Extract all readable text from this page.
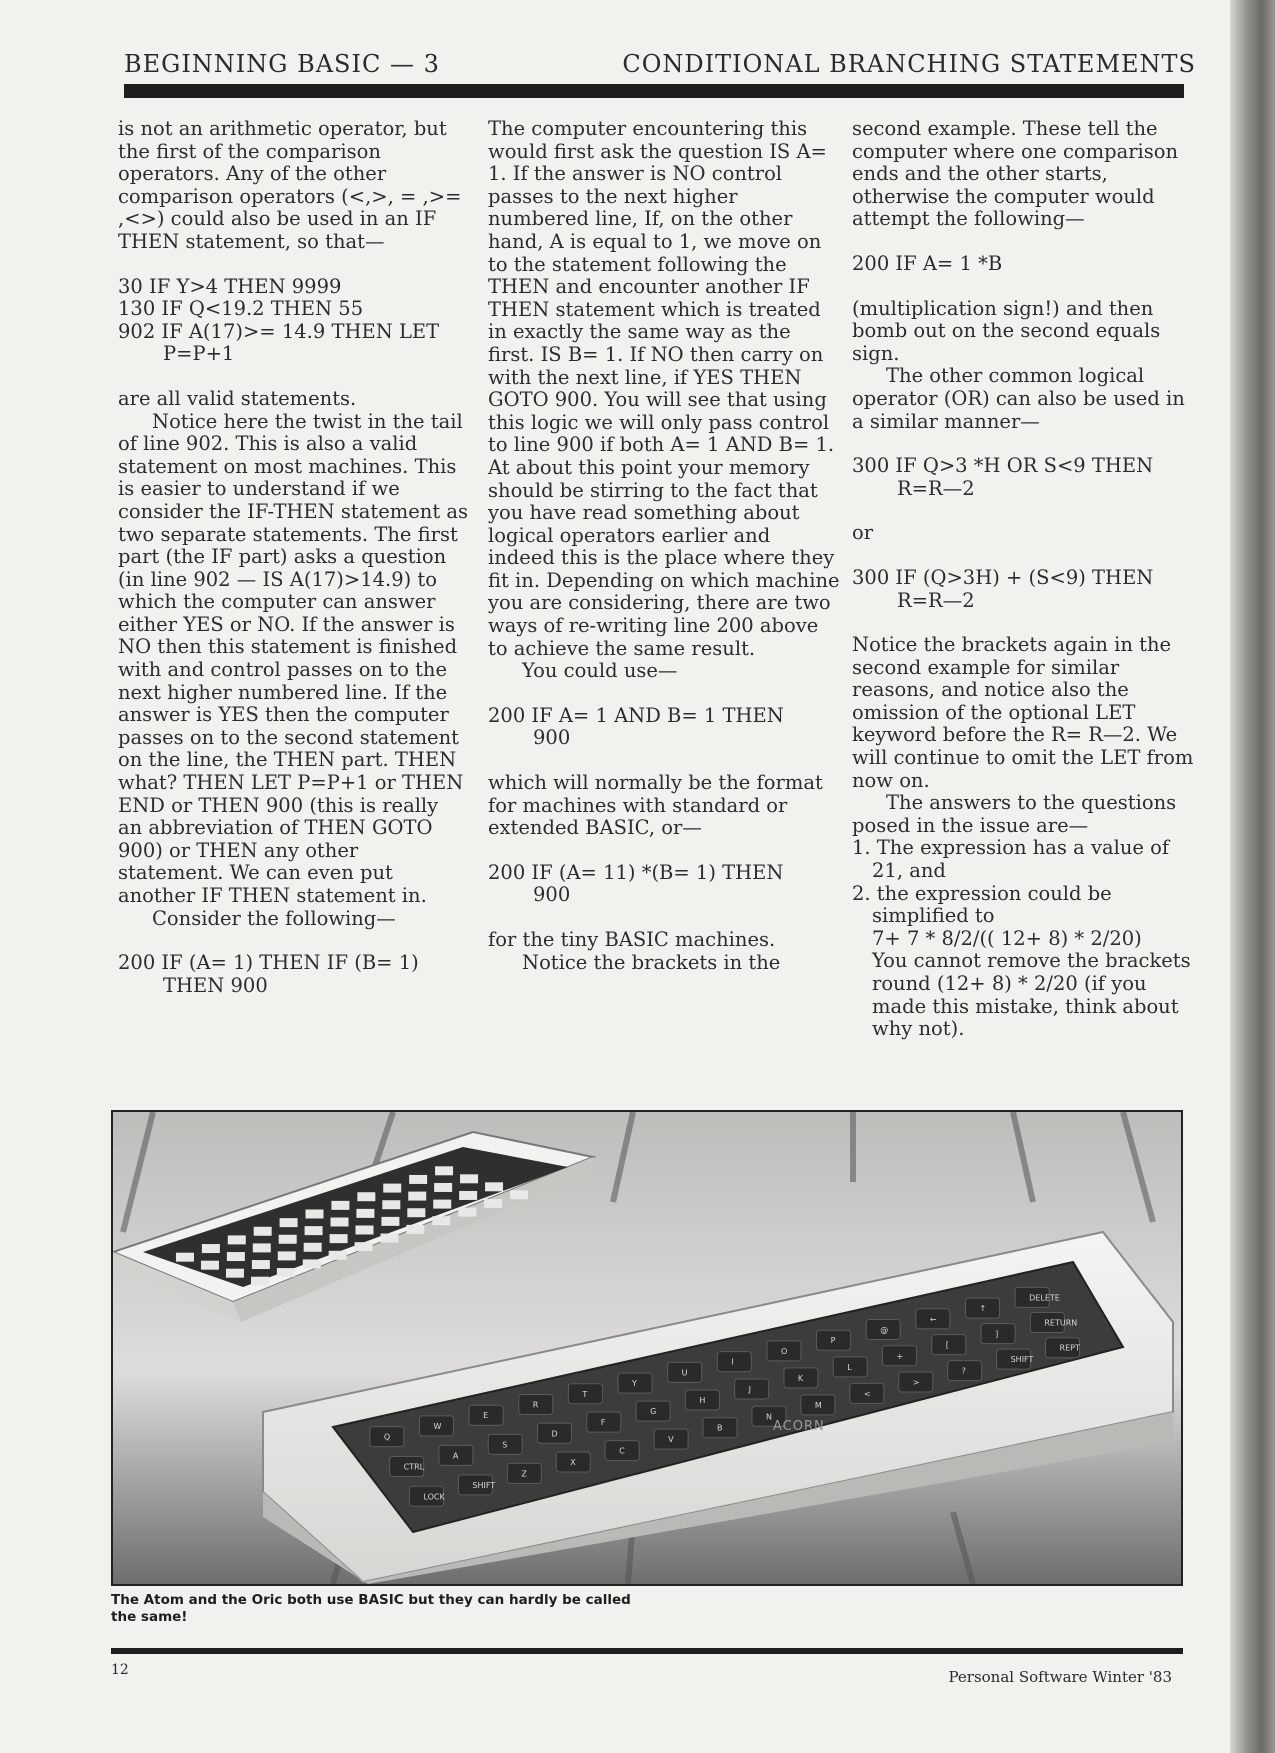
BEGINNING BASIC — 3	CONDITIONAL BRANCHING STATEMENTS

is not an arithmetic operator, but the first of the comparison operators. Any of the other comparison operators (<,>, = ,>= ,<>) could also be used in an IF THEN statement, so that—

30 IF Y>4 THEN 9999

130 IF Q<19.2 THEN 55

902 IF A(17)>= 14.9 THEN LET

P=P+1

are all valid statements.

Notice here the twist in the tail of line 902. This is also a valid statement on most machines. This is easier to understand if we consider the IF-THEN statement as two separate statements. The first part (the IF part) asks a question (in line 902 — IS A(17)>14.9) to which the computer can answer either YES or NO. If the answer is NO then this statement is finished with and control passes on to the next higher numbered line. If the answer is YES then the computer passes on to the second statement on the line, the THEN part. THEN what? THEN LET P=P+1 or THEN END or THEN 900 (this is really an abbreviation of THEN GOTO 900) or THEN any other statement. We can even put another IF THEN statement in.

Consider the following—

200 IF (A= 1) THEN IF (B= 1)

THEN 900

The computer encountering this would first ask the question IS A= 1. If the answer is NO control passes to the next higher numbered line, If, on the other hand, A is equal to 1, we move on to the statement following the THEN and encounter another IF THEN statement which is treated in exactly the same way as the first. IS B= 1. If NO then carry on with the next line, if YES THEN GOTO 900. You will see that using this logic we will only pass control to line 900 if both A= 1 AND B= 1. At about this point your memory should be stirring to the fact that you have read something about logical operators earlier and indeed this is the place where they fit in. Depending on which machine you are considering, there are two ways of re-writing line 200 above to achieve the same result.

You could use—

200 IF A= 1 AND B= 1 THEN

900

which will normally be the format for machines with standard or extended BASIC, or—

200 IF (A= 11) *(B= 1) THEN

900

for the tiny BASIC machines.

Notice the brackets in the

second example. These tell the computer where one comparison ends and the other starts, otherwise the computer would attempt the following—

200 IF A= 1 *B

(multiplication sign!) and then bomb out on the second equals sign.

The other common logical operator (OR) can also be used in a similar manner—

300 IF Q>3 *H OR S<9 THEN

R=R—2

or

300 IF (Q>3H) + (S<9) THEN

R=R—2

Notice the brackets again in the second example for similar reasons, and notice also the omission of the optional LET keyword before the R= R—2. We will continue to omit the LET from now on.

The answers to the questions posed in the issue are—

1. The expression has a value of 21, and

2. the expression could be simplified to

7+ 7 * 8/2/(( 12+ 8) * 2/20)

You cannot remove the brackets round (12+ 8) * 2/20 (if you made this mistake, think about why not).

Q
W
E
R
T
Y
U
I
O
P
@
←
↑
DELETE
CTRL
A
S
D
F
G
H
J
K
L
+
[
]
RETURN
LOCK
SHIFT
Z
X
C
V
B
N
M
<
>
?
SHIFT
REPT
ACORN
The Atom and the Oric both use BASIC but they can hardly be called the same!
12	Personal Software Winter '83
